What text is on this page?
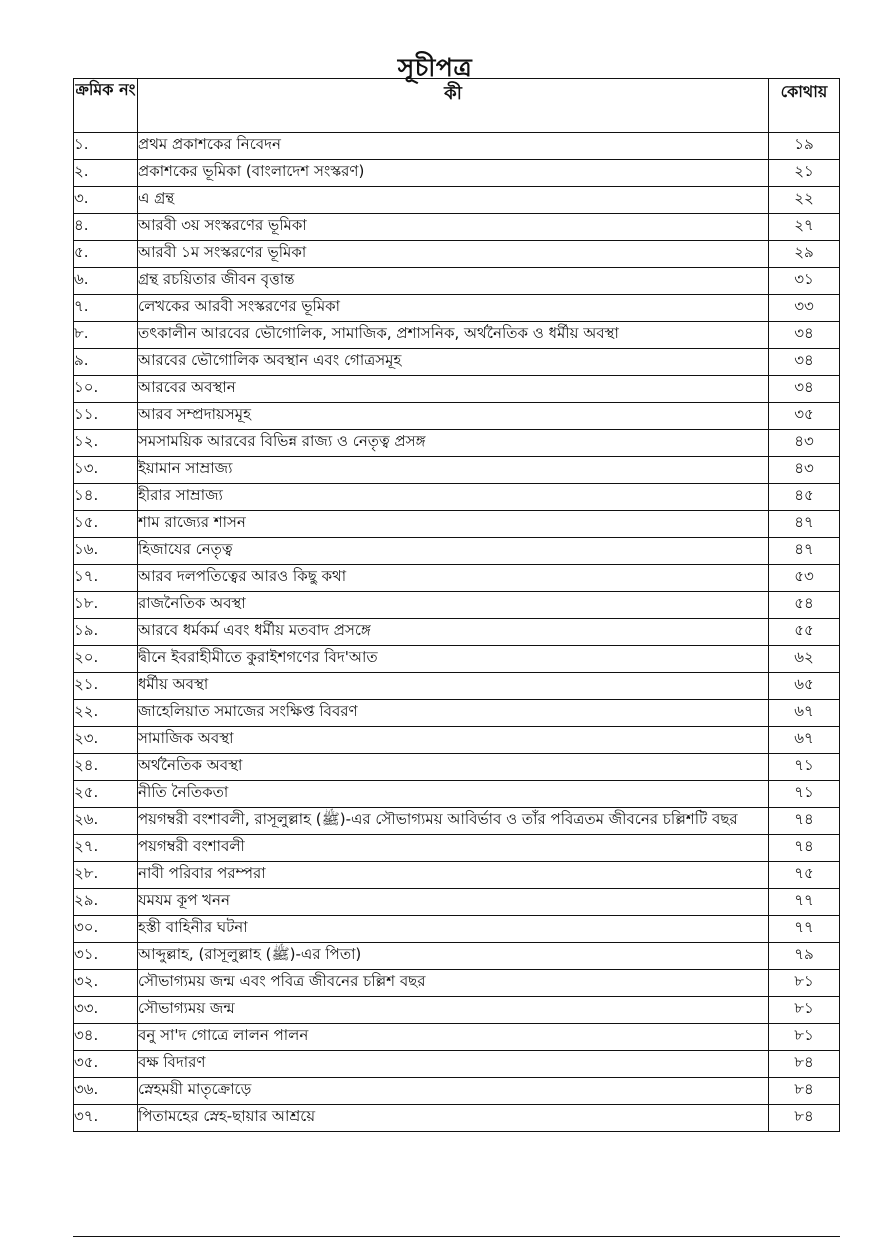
সূচীপত্র
ক্রমিক নং	কী	কোথায়
১.	প্রথম প্রকাশকের নিবেদন	১৯
২.	প্রকাশকের ভূমিকা (বাংলাদেশ সংস্করণ)	২১
৩.	এ গ্রন্থ	২২
৪.	আরবী ৩য় সংস্করণের ভূমিকা	২৭
৫.	আরবী ১ম সংস্করণের ভূমিকা	২৯
৬.	গ্রন্থ রচয়িতার জীবন বৃত্তান্ত	৩১
৭.	লেখকের আরবী সংস্করণের ভূমিকা	৩৩
৮.	তৎকালীন আরবের ভৌগোলিক, সামাজিক, প্রশাসনিক, অর্থনৈতিক ও ধর্মীয় অবস্থা	৩৪
৯.	আরবের ভৌগোলিক অবস্থান এবং গোত্রসমূহ	৩৪
১০.	আরবের অবস্থান	৩৪
১১.	আরব সম্প্রদায়সমূহ	৩৫
১২.	সমসাময়িক আরবের বিভিন্ন রাজ্য ও নেতৃত্ব প্রসঙ্গ	৪৩
১৩.	ইয়ামান সাম্রাজ্য	৪৩
১৪.	হীরার সাম্রাজ্য	৪৫
১৫.	শাম রাজ্যের শাসন	৪৭
১৬.	হিজাযের নেতৃত্ব	৪৭
১৭.	আরব দলপতিত্বের আরও কিছু কথা	৫৩
১৮.	রাজনৈতিক অবস্থা	৫৪
১৯.	আরবে ধর্মকর্ম এবং ধর্মীয় মতবাদ প্রসঙ্গে	৫৫
২০.	দ্বীনে ইবরাহীমীতে কুরাইশগণের বিদ'আত	৬২
২১.	ধর্মীয় অবস্থা	৬৫
২২.	জাহেলিয়াত সমাজের সংক্ষিপ্ত বিবরণ	৬৭
২৩.	সামাজিক অবস্থা	৬৭
২৪.	অর্থনৈতিক অবস্থা	৭১
২৫.	নীতি নৈতিকতা	৭১
২৬.	পয়গম্বরী বংশাবলী, রাসূলুল্লাহ (ﷺ)-এর সৌভাগ্যময় আবির্ভাব ও তাঁর পবিত্রতম জীবনের চল্লিশটি বছর	৭৪
২৭.	পয়গম্বরী বংশাবলী	৭৪
২৮.	নাবী পরিবার পরম্পরা	৭৫
২৯.	যমযম কূপ খনন	৭৭
৩০.	হস্তী বাহিনীর ঘটনা	৭৭
৩১.	আব্দুল্লাহ, (রাসূলুল্লাহ (ﷺ)-এর পিতা)	৭৯
৩২.	সৌভাগ্যময় জন্ম এবং পবিত্র জীবনের চল্লিশ বছর	৮১
৩৩.	সৌভাগ্যময় জন্ম	৮১
৩৪.	বনু সা'দ গোত্রে লালন পালন	৮১
৩৫.	বক্ষ বিদারণ	৮৪
৩৬.	স্নেহময়ী মাতৃক্রোড়ে	৮৪
৩৭.	পিতামহের স্নেহ-ছায়ার আশ্রয়ে	৮৪
